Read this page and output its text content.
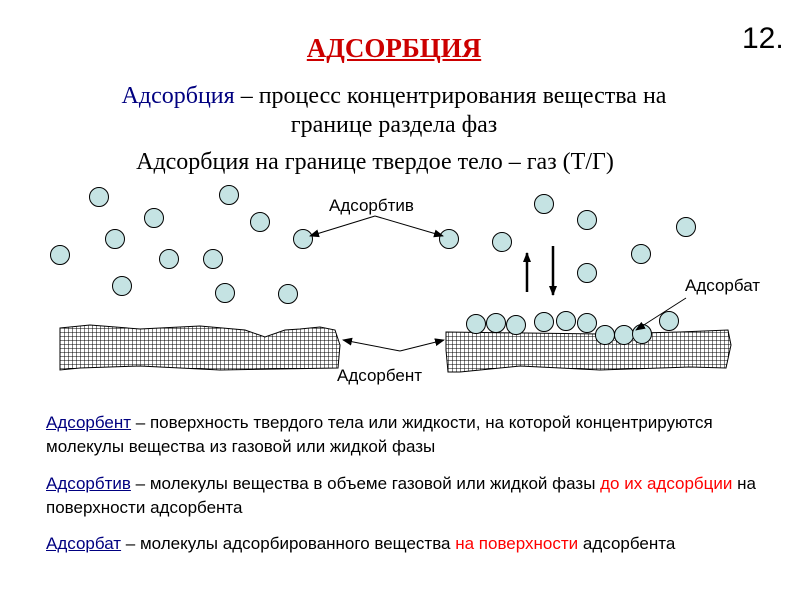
12.
АДСОРБЦИЯ
Адсорбция – процесс концентрирования вещества на
границе раздела фаз
Адсорбция на границе твердое тело – газ (Т/Г)
Адсорбтив
Адсорбат
Адсорбент
Адсорбент – поверхность твердого тела или жидкости, на которой концентрируются молекулы вещества из газовой или жидкой фазы
Адсорбтив – молекулы вещества в объеме газовой или жидкой фазы до их адсорбции на поверхности адсорбента
Адсорбат – молекулы адсорбированного вещества на поверхности адсорбента
